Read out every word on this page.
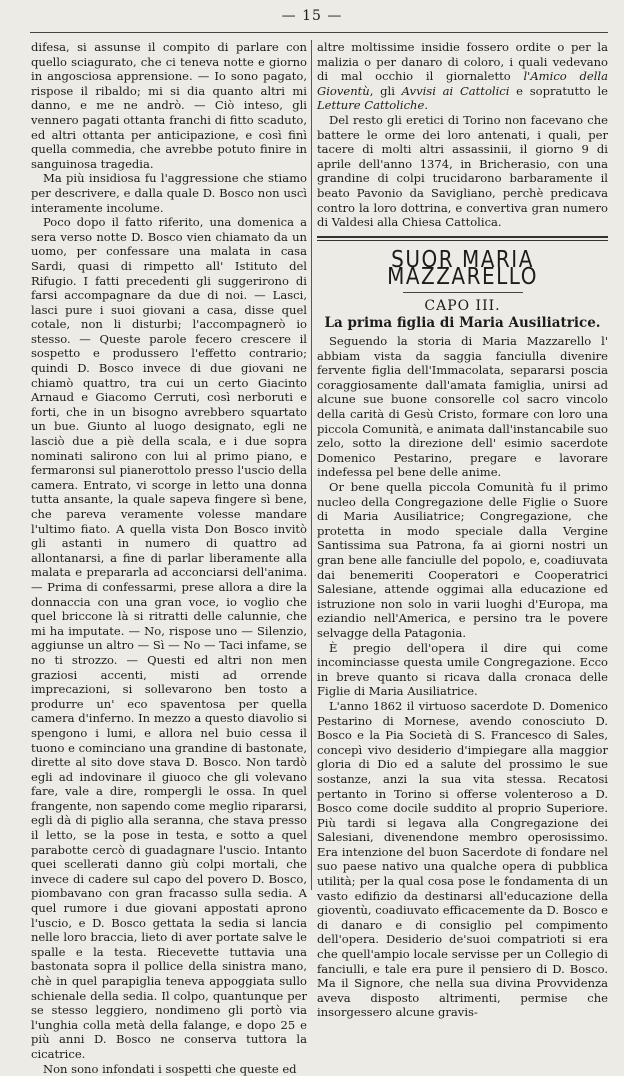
— 15 —

difesa, si assunse il compito di parlare con quello sciagurato, che ci teneva notte e giorno in angosciosa apprensione. — Io sono pagato, rispose il ribaldo; mi si dia quanto altri mi danno, e me ne andrò. — Ciò inteso, gli vennero pagati ottanta franchi di fitto scaduto, ed altri ottanta per anticipazione, e così finì quella commedia, che avrebbe potuto finire in sanguinosa tragedia.

Ma più insidiosa fu l'aggressione che stiamo per descrivere, e dalla quale D. Bosco non uscì interamente incolume.

Poco dopo il fatto riferito, una domenica a sera verso notte D. Bosco vien chiamato da un uomo, per confessare una malata in casa Sardi, quasi di rimpetto all' Istituto del Rifugio. I fatti precedenti gli suggerirono di farsi accompagnare da due di noi. — Lasci, lasci pure i suoi giovani a casa, disse quel cotale, non li disturbi; l'accompagnerò io stesso. — Queste parole fecero crescere il sospetto e produssero l'effetto contrario; quindi D. Bosco invece di due giovani ne chiamò quattro, tra cui un certo Giacinto Arnaud e Giacomo Cerruti, così nerboruti e forti, che in un bisogno avrebbero squartato un bue. Giunto al luogo designato, egli ne lasciò due a piè della scala, e i due sopra nominati salirono con lui al primo piano, e fermaronsi sul pianerottolo presso l'uscio della camera. Entrato, vi scorge in letto una donna tutta ansante, la quale sapeva fingere sì bene, che pareva veramente volesse mandare l'ultimo fiato. A quella vista Don Bosco invitò gli astanti in numero di quattro ad allontanarsi, a fine di parlar liberamente alla malata e prepararla ad acconciarsi dell'anima. — Prima di confessarmi, prese allora a dire la donnaccia con una gran voce, io voglio che quel briccone là si ritratti delle calunnie, che mi ha imputate. — No, rispose uno — Silenzio, aggiunse un altro — Sì — No — Taci infame, se no ti strozzo. — Questi ed altri non men graziosi accenti, misti ad orrende imprecazioni, si sollevarono ben tosto a produrre un' eco spaventosa per quella camera d'inferno. In mezzo a questo diavolio si spengono i lumi, e allora nel buio cessa il tuono e cominciano una grandine di bastonate, dirette al sito dove stava D. Bosco. Non tardò egli ad indovinare il giuoco che gli volevano fare, vale a dire, rompergli le ossa. In quel frangente, non sapendo come meglio ripararsi, egli dà di piglio alla seranna, che stava presso il letto, se la pose in testa, e sotto a quel parabotte cercò di guadagnare l'uscio. Intanto quei scellerati danno giù colpi mortali, che invece di cadere sul capo del povero D. Bosco, piombavano con gran fracasso sulla sedia. A quel rumore i due giovani appostati aprono l'uscio, e D. Bosco gettata la sedia si lancia nelle loro braccia, lieto di aver portate salve le spalle e la testa. Riecevette tuttavia una bastonata sopra il pollice della sinistra mano, chè in quel parapiglia teneva appoggiata sullo schienale della sedia. Il colpo, quantunque per se stesso leggiero, nondimeno gli portò via l'unghia colla metà della falange, e dopo 25 e più anni D. Bosco ne conserva tuttora la cicatrice.

Non sono infondati i sospetti che queste ed

altre moltissime insidie fossero ordite o per la malizia o per danaro di coloro, i quali vedevano di mal occhio il giornaletto l'Amico della Gioventù, gli Avvisi ai Cattolici e sopratutto le Letture Cattoliche.

Del resto gli eretici di Torino non facevano che battere le orme dei loro antenati, i quali, per tacere di molti altri assassinii, il giorno 9 di aprile dell'anno 1374, in Bricherasio, con una grandine di colpi trucidarono barbaramente il beato Pavonio da Savigliano, perchè predicava contro la loro dottrina, e convertiva gran numero di Valdesi alla Chiesa Cattolica.

SUOR MARIA MAZZARELLO
CAPO III.
La prima figlia di Maria Ausiliatrice.

Seguendo la storia di Maria Mazzarello l' abbiam vista da saggia fanciulla divenire fervente figlia dell'Immacolata, separarsi poscia coraggiosamente dall'amata famiglia, unirsi ad alcune sue buone consorelle col sacro vincolo della carità di Gesù Cristo, formare con loro una piccola Comunità, e animata dall'instancabile suo zelo, sotto la direzione dell' esimio sacerdote Domenico Pestarino, pregare e lavorare indefessa pel bene delle anime.

Or bene quella piccola Comunità fu il primo nucleo della Congregazione delle Figlie o Suore di Maria Ausiliatrice; Congregazione, che protetta in modo speciale dalla Vergine Santissima sua Patrona, fa ai giorni nostri un gran bene alle fanciulle del popolo, e, coadiuvata dai benemeriti Cooperatori e Cooperatrici Salesiane, attende oggimai alla educazione ed istruzione non solo in varii luoghi d'Europa, ma eziandio nell'America, e persino tra le povere selvagge della Patagonia.

È pregio dell'opera il dire qui come incominciasse questa umile Congregazione. Ecco in breve quanto si ricava dalla cronaca delle Figlie di Maria Ausiliatrice.

L'anno 1862 il virtuoso sacerdote D. Domenico Pestarino di Mornese, avendo conosciuto D. Bosco e la Pia Società di S. Francesco di Sales, concepì vivo desiderio d'impiegare alla maggior gloria di Dio ed a salute del prossimo le sue sostanze, anzi la sua vita stessa. Recatosi pertanto in Torino si offerse volenteroso a D. Bosco come docile suddito al proprio Superiore. Più tardi si legava alla Congregazione dei Salesiani, divenendone membro operosissimo. Era intenzione del buon Sacerdote di fondare nel suo paese nativo una qualche opera di pubblica utilità; per la qual cosa pose le fondamenta di un vasto edifizio da destinarsi all'educazione della gioventù, coadiuvato efficacemente da D. Bosco e di danaro e di consiglio pel compimento dell'opera. Desiderio de'suoi compatrioti si era che quell'ampio locale servisse per un Collegio di fanciulli, e tale era pure il pensiero di D. Bosco. Ma il Signore, che nella sua divina Provvidenza aveva disposto altrimenti, permise che insorgessero alcune gravis-
